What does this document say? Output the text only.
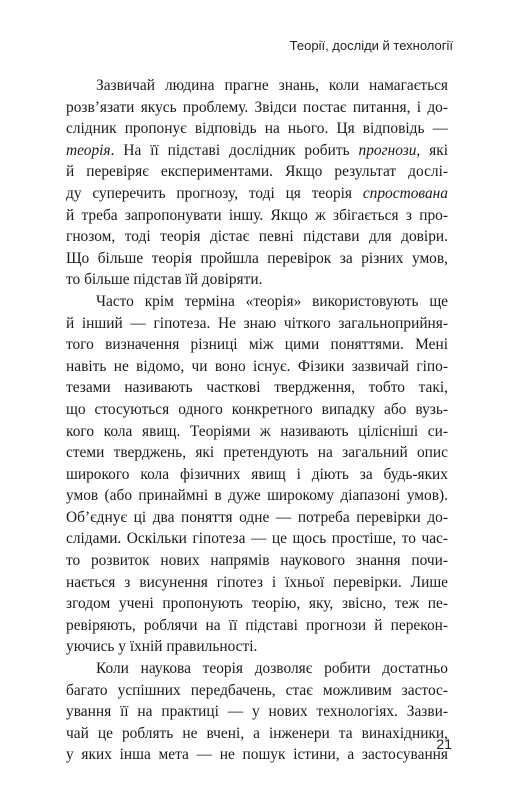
Теорії, досліди й технології
Зазвичай людина прагне знань, коли намагається
розв’язати якусь проблему. Звідси постає питання, і до-
слідник пропонує відповідь на нього. Ця відповідь —
теорія. На її підставі дослідник робить прогнози, які
й перевіряє експериментами. Якщо результат дослі-
ду суперечить прогнозу, тоді ця теорія спростована
й треба запропонувати іншу. Якщо ж збігається з про-
гнозом, тоді теорія дістає певні підстави для довіри.
Що більше теорія пройшла перевірок за різних умов,
то більше підстав їй довіряти.
Часто крім терміна «теорія» використовують ще
й інший — гіпотеза. Не знаю чіткого загальноприйня-
того визначення різниці між цими поняттями. Мені
навіть не відомо, чи воно існує. Фізики зазвичай гіпо-
тезами називають часткові твердження, тобто такі,
що стосуються одного конкретного випадку або вузь-
кого кола явищ. Теоріями ж називають цілісніші си-
стеми тверджень, які претендують на загальний опис
широкого кола фізичних явищ і діють за будь-яких
умов (або принаймні в дуже широкому діапазоні умов).
Об’єднує ці два поняття одне — потреба перевірки до-
слідами. Оскільки гіпотеза — це щось простіше, то час-
то розвиток нових напрямів наукового знання почи-
нається з висунення гіпотез і їхньої перевірки. Лише
згодом учені пропонують теорію, яку, звісно, теж пе-
ревіряють, роблячи на її підставі прогнози й перекон-
уючись у їхній правильності.
Коли наукова теорія дозволяє робити достатньо
багато успішних передбачень, стає можливим застос-
ування її на практиці — у нових технологіях. Зазви-
чай це роблять не вчені, а інженери та винахідники,
у яких інша мета — не пошук істини, а застосування
21
